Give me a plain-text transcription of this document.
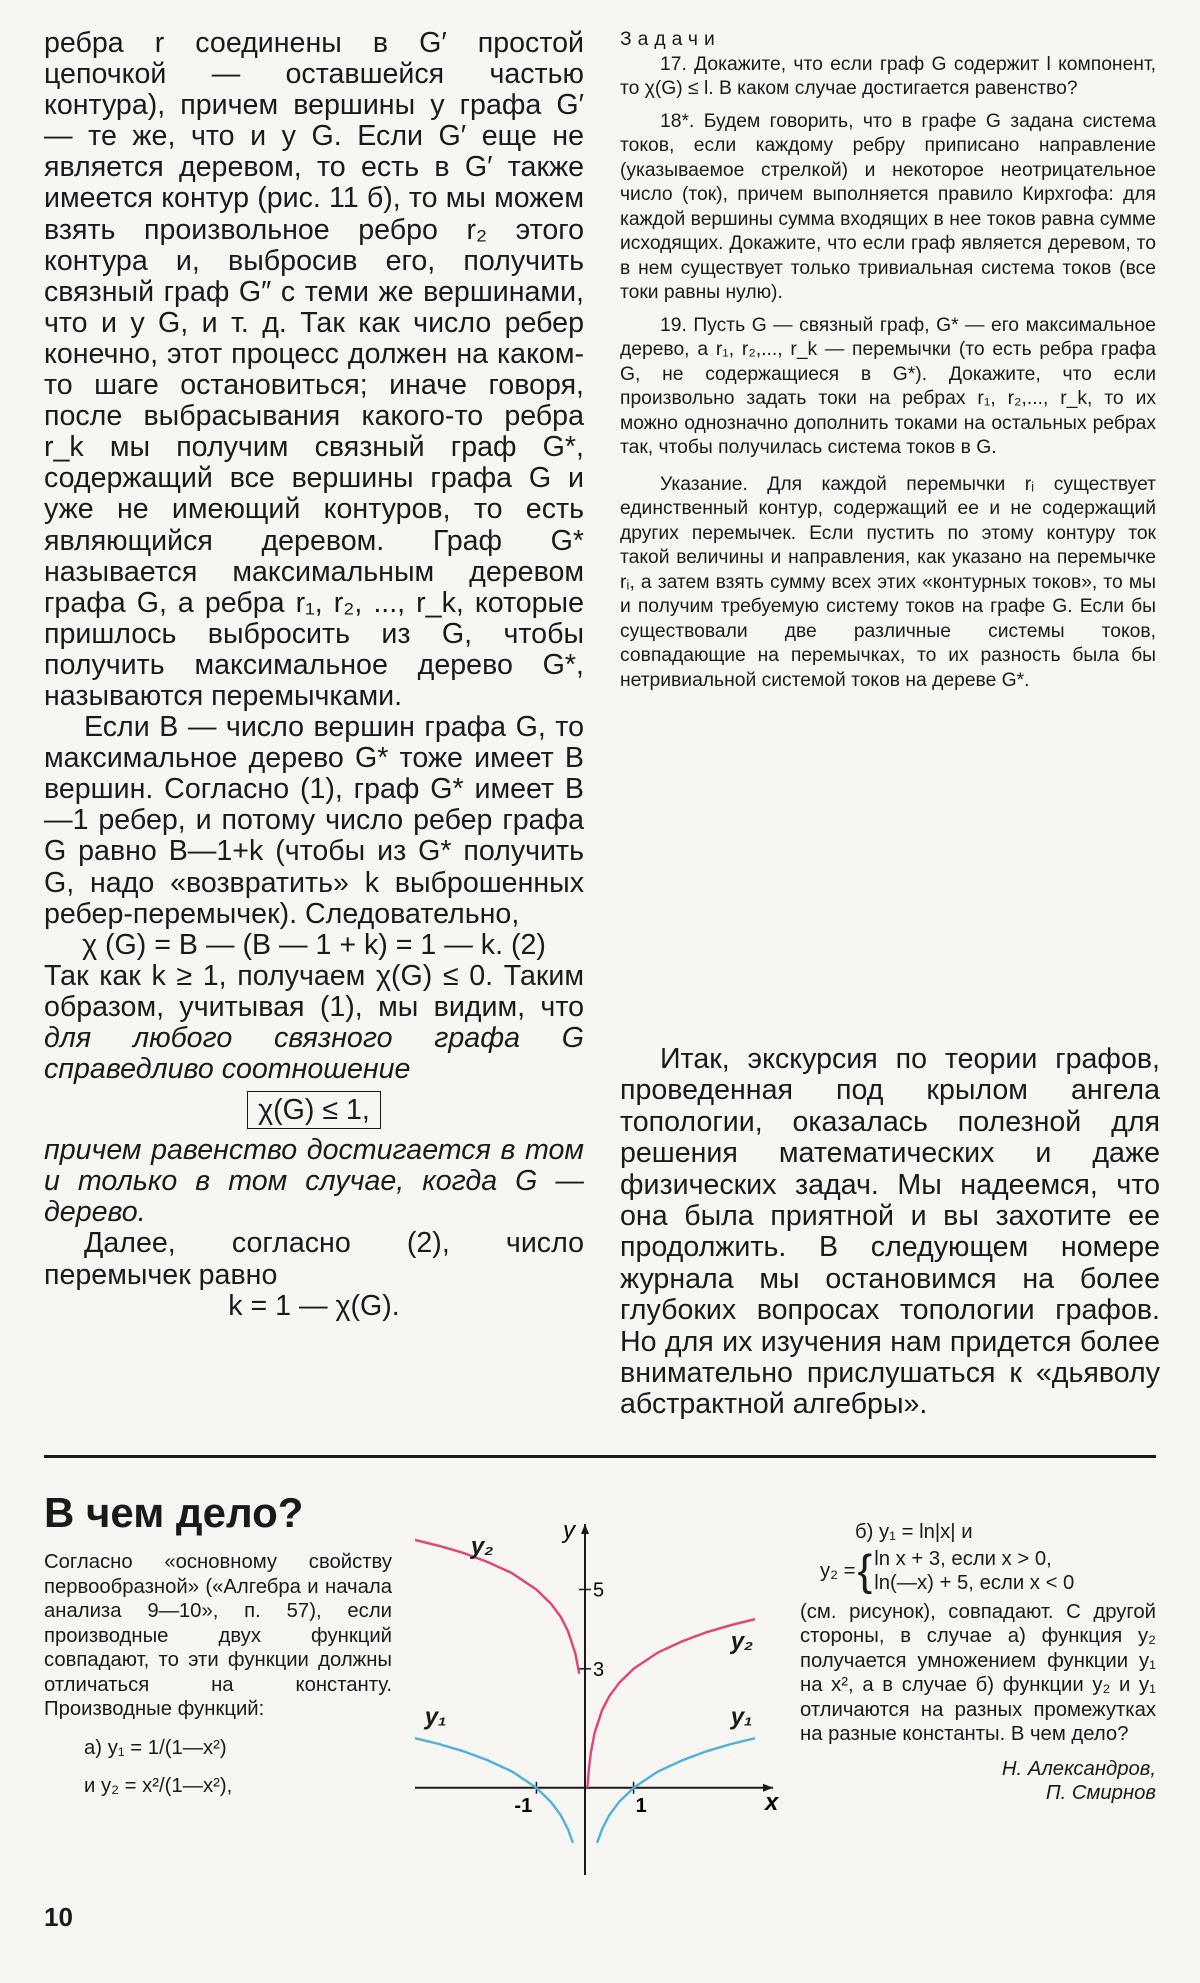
ребра r соединены в G′ простой цепочкой — оставшейся частью контура), причем вершины у графа G′ — те же, что и у G. Если G′ еще не является деревом, то есть в G′ также имеется контур (рис. 11 б), то мы можем взять произвольное ребро r₂ этого контура и, выбросив его, получить связный граф G″ с теми же вершинами, что и у G, и т. д. Так как число ребер конечно, этот процесс должен на каком-то шаге остановиться; иначе говоря, после выбрасывания какого-то ребра r_k мы получим связный граф G*, содержащий все вершины графа G и уже не имеющий контуров, то есть являющийся деревом. Граф G* называется максимальным деревом графа G, а ребра r₁, r₂, ..., r_k, которые пришлось выбросить из G, чтобы получить максимальное дерево G*, называются перемычками.

Если B — число вершин графа G, то максимальное дерево G* тоже имеет B вершин. Согласно (1), граф G* имеет B—1 ребер, и потому число ребер графа G равно B—1+k (чтобы из G* получить G, надо «возвратить» k выброшенных ребер-перемычек). Следовательно,

χ (G) = B — (B — 1 + k) = 1 — k. (2)

Так как k ≥ 1, получаем χ(G) ≤ 0. Таким образом, учитывая (1), мы видим, что для любого связного графа G справедливо соотношение

χ(G) ≤ 1,

причем равенство достигается в том и только в том случае, когда G — дерево.

Далее, согласно (2), число перемычек равно

k = 1 — χ(G).

Задачи

17. Докажите, что если граф G содержит l компонент, то χ(G) ≤ l. В каком случае достигается равенство?

18*. Будем говорить, что в графе G задана система токов, если каждому ребру приписано направление (указываемое стрелкой) и некоторое неотрицательное число (ток), причем выполняется правило Кирхгофа: для каждой вершины сумма входящих в нее токов равна сумме исходящих. Докажите, что если граф является деревом, то в нем существует только тривиальная система токов (все токи равны нулю).

19. Пусть G — связный граф, G* — его максимальное дерево, а r₁, r₂,..., r_k — перемычки (то есть ребра графа G, не содержащиеся в G*). Докажите, что если произвольно задать токи на ребрах r₁, r₂,..., r_k, то их можно однозначно дополнить токами на остальных ребрах так, чтобы получилась система токов в G.

Указание. Для каждой перемычки rᵢ существует единственный контур, содержащий ее и не содержащий других перемычек. Если пустить по этому контуру ток такой величины и направления, как указано на перемычке rᵢ, а затем взять сумму всех этих «контурных токов», то мы и получим требуемую систему токов на графе G. Если бы существовали две различные системы токов, совпадающие на перемычках, то их разность была бы нетривиальной системой токов на дереве G*.

Итак, экскурсия по теории графов, проведенная под крылом ангела топологии, оказалась полезной для решения математических и даже физических задач. Мы надеемся, что она была приятной и вы захотите ее продолжить. В следующем номере журнала мы остановимся на более глубоких вопросах топологии графов. Но для их изучения нам придется более внимательно прислушаться к «дьяволу абстрактной алгебры».

В чем дело?

Согласно «основному свойству первообразной» («Алгебра и начала анализа 9—10», п. 57), если производные двух функций совпадают, то эти функции должны отличаться на константу. Производные функций:

а) y₁ = 1/(1—x²)

и y₂ = x²/(1—x²),

x
y
-1	1
3
5
y₂
y₂
y₁	y₁

б) y₁ = ln|x| и

y₂ = { ln x + 3, если x > 0,
ln(—x) + 5, если x < 0

(см. рисунок), совпадают. С другой стороны, в случае а) функция y₂ получается умножением функции y₁ на x², а в случае б) функции y₂ и y₁ отличаются на разных промежутках на разные константы. В чем дело?

Н. Александров,

П. Смирнов

10
